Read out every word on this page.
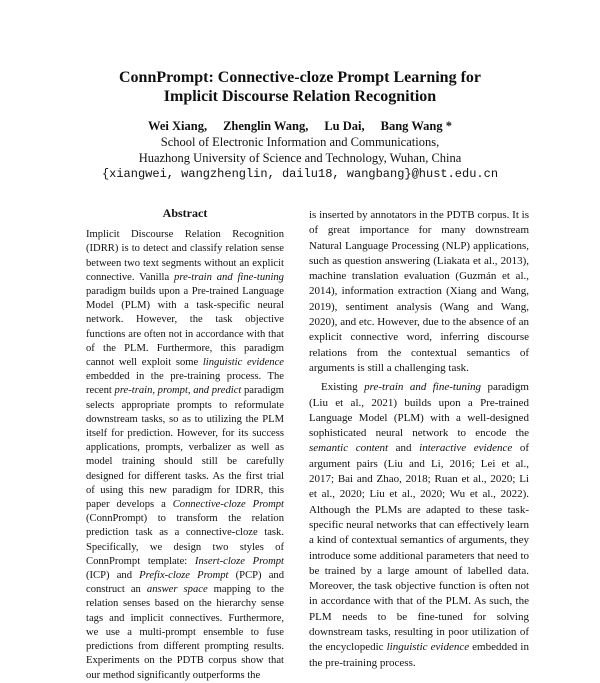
ConnPrompt: Connective-cloze Prompt Learning for
Implicit Discourse Relation Recognition
Wei Xiang, Zhenglin Wang, Lu Dai, Bang Wang *
School of Electronic Information and Communications,
Huazhong University of Science and Technology, Wuhan, China
{xiangwei, wangzhenglin, dailu18, wangbang}@hust.edu.cn
Abstract

Implicit Discourse Relation Recognition (IDRR) is to detect and classify relation sense between two text segments without an explicit connective. Vanilla pre-train and fine-tuning paradigm builds upon a Pre-trained Language Model (PLM) with a task-specific neural network. However, the task objective functions are often not in accordance with that of the PLM. Furthermore, this paradigm cannot well exploit some linguistic evidence embedded in the pre-training process. The recent pre-train, prompt, and predict paradigm selects appropriate prompts to reformulate downstream tasks, so as to utilizing the PLM itself for prediction. However, for its success applications, prompts, verbalizer as well as model training should still be carefully designed for different tasks. As the first trial of using this new paradigm for IDRR, this paper develops a Connective-cloze Prompt (ConnPrompt) to transform the relation prediction task as a connective-cloze task. Specifically, we design two styles of ConnPrompt template: Insert-cloze Prompt (ICP) and Prefix-cloze Prompt (PCP) and construct an answer space mapping to the relation senses based on the hierarchy sense tags and implicit connectives. Furthermore, we use a multi-prompt ensemble to fuse predictions from different prompting results. Experiments on the PDTB corpus show that our method significantly outperforms the

is inserted by annotators in the PDTB corpus. It is of great importance for many downstream Natural Language Processing (NLP) applications, such as question answering (Liakata et al., 2013), machine translation evaluation (Guzmán et al., 2014), information extraction (Xiang and Wang, 2019), sentiment analysis (Wang and Wang, 2020), and etc. However, due to the absence of an explicit connective word, inferring discourse relations from the contextual semantics of arguments is still a challenging task.

Existing pre-train and fine-tuning paradigm (Liu et al., 2021) builds upon a Pre-trained Language Model (PLM) with a well-designed sophisticated neural network to encode the semantic content and interactive evidence of argument pairs (Liu and Li, 2016; Lei et al., 2017; Bai and Zhao, 2018; Ruan et al., 2020; Li et al., 2020; Liu et al., 2020; Wu et al., 2022). Although the PLMs are adapted to these task-specific neural networks that can effectively learn a kind of contextual semantics of arguments, they introduce some additional parameters that need to be trained by a large amount of labelled data. Moreover, the task objective function is often not in accordance with that of the PLM. As such, the PLM needs to be fine-tuned for solving downstream tasks, resulting in poor utilization of the encyclopedic linguistic evidence embedded in the pre-training process.
